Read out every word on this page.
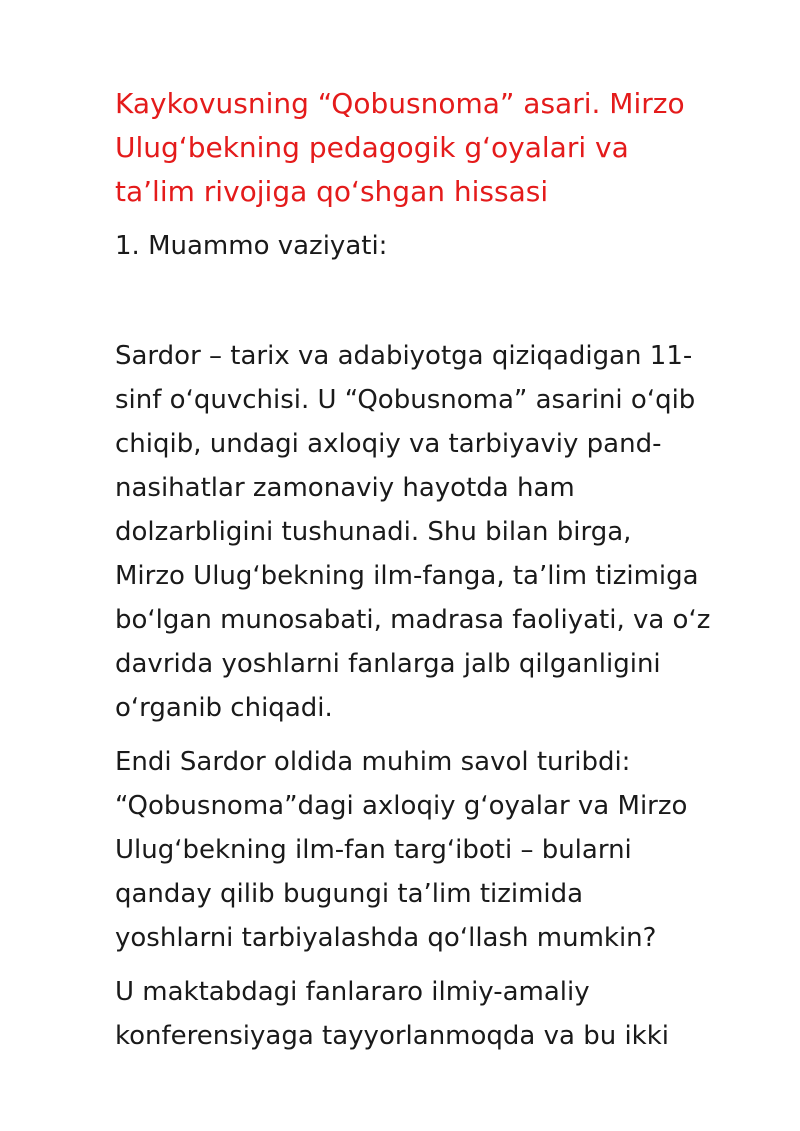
Kaykovusning “Qobusnoma” asari. Mirzo
Ulugʻbekning pedagogik gʻoyalari va
ta’lim rivojiga qoʻshgan hissasi

1. Muammo vaziyati:

Sardor – tarix va adabiyotga qiziqadigan 11-
sinf oʻquvchisi. U “Qobusnoma” asarini oʻqib
chiqib, undagi axloqiy va tarbiyaviy pand-
nasihatlar zamonaviy hayotda ham
dolzarbligini tushunadi. Shu bilan birga,
Mirzo Ulugʻbekning ilm-fanga, ta’lim tizimiga
boʻlgan munosabati, madrasa faoliyati, va oʻz
davrida yoshlarni fanlarga jalb qilganligini
oʻrganib chiqadi.

Endi Sardor oldida muhim savol turibdi:
“Qobusnoma”dagi axloqiy gʻoyalar va Mirzo
Ulugʻbekning ilm-fan targʻiboti – bularni
qanday qilib bugungi ta’lim tizimida
yoshlarni tarbiyalashda qoʻllash mumkin?

U maktabdagi fanlararo ilmiy-amaliy
konferensiyaga tayyorlanmoqda va bu ikki
